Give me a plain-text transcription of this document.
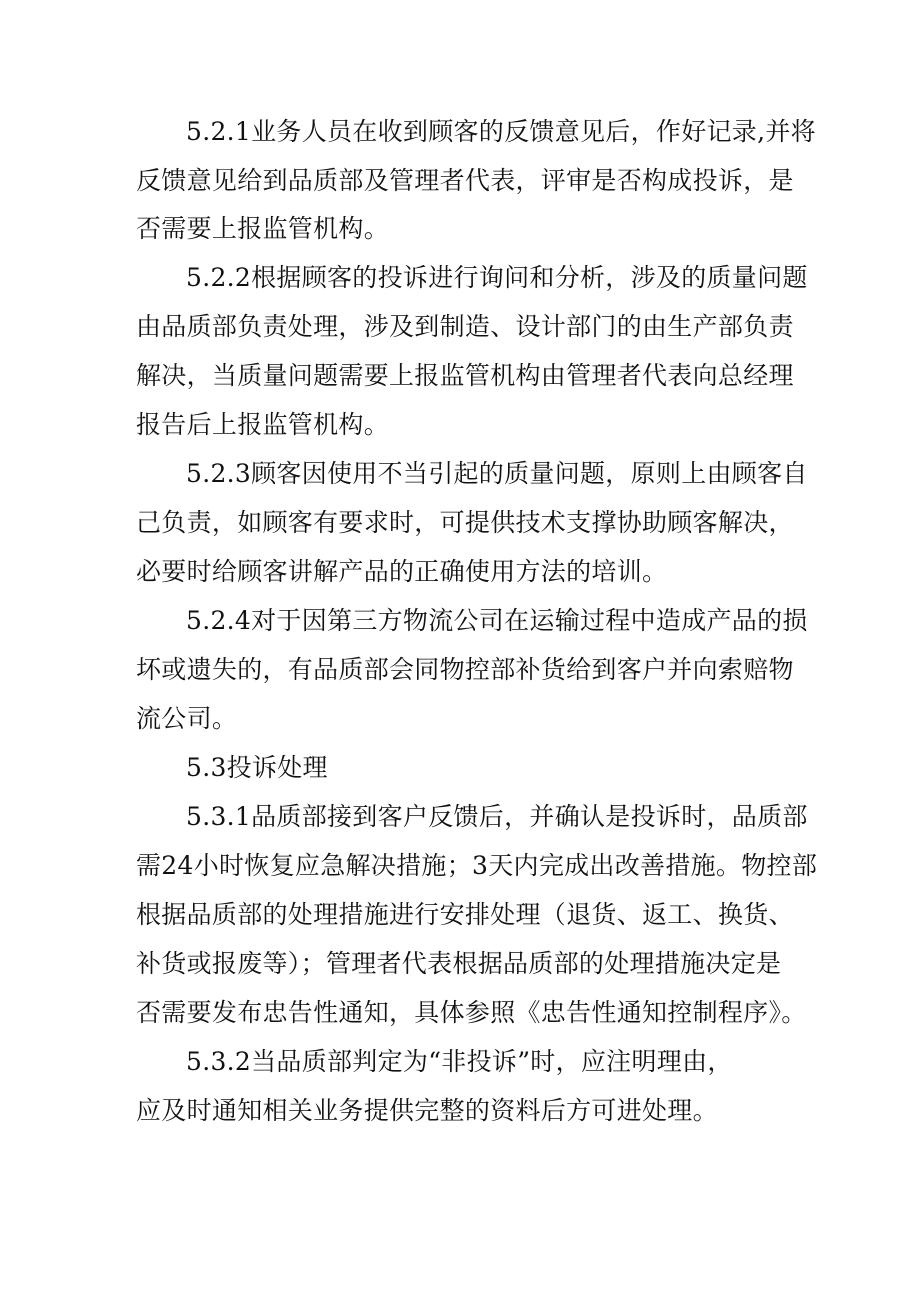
5.2.1业务人员在收到顾客的反馈意见后，作好记录,并将
反馈意见给到品质部及管理者代表，评审是否构成投诉，是
否需要上报监管机构。
5.2.2根据顾客的投诉进行询问和分析，涉及的质量问题
由品质部负责处理，涉及到制造、设计部门的由生产部负责
解决，当质量问题需要上报监管机构由管理者代表向总经理
报告后上报监管机构。
5.2.3顾客因使用不当引起的质量问题，原则上由顾客自
己负责，如顾客有要求时，可提供技术支撑协助顾客解决，
必要时给顾客讲解产品的正确使用方法的培训。
5.2.4对于因第三方物流公司在运输过程中造成产品的损
坏或遗失的，有品质部会同物控部补货给到客户并向索赔物
流公司。
5.3投诉处理
5.3.1品质部接到客户反馈后，并确认是投诉时，品质部
需24小时恢复应急解决措施；3天内完成出改善措施。物控部
根据品质部的处理措施进行安排处理（退货、返工、换货、
补货或报废等）；管理者代表根据品质部的处理措施决定是
否需要发布忠告性通知，具体参照《忠告性通知控制程序》。
5.3.2当品质部判定为“非投诉”时，应注明理由，
应及时通知相关业务提供完整的资料后方可进处理。
